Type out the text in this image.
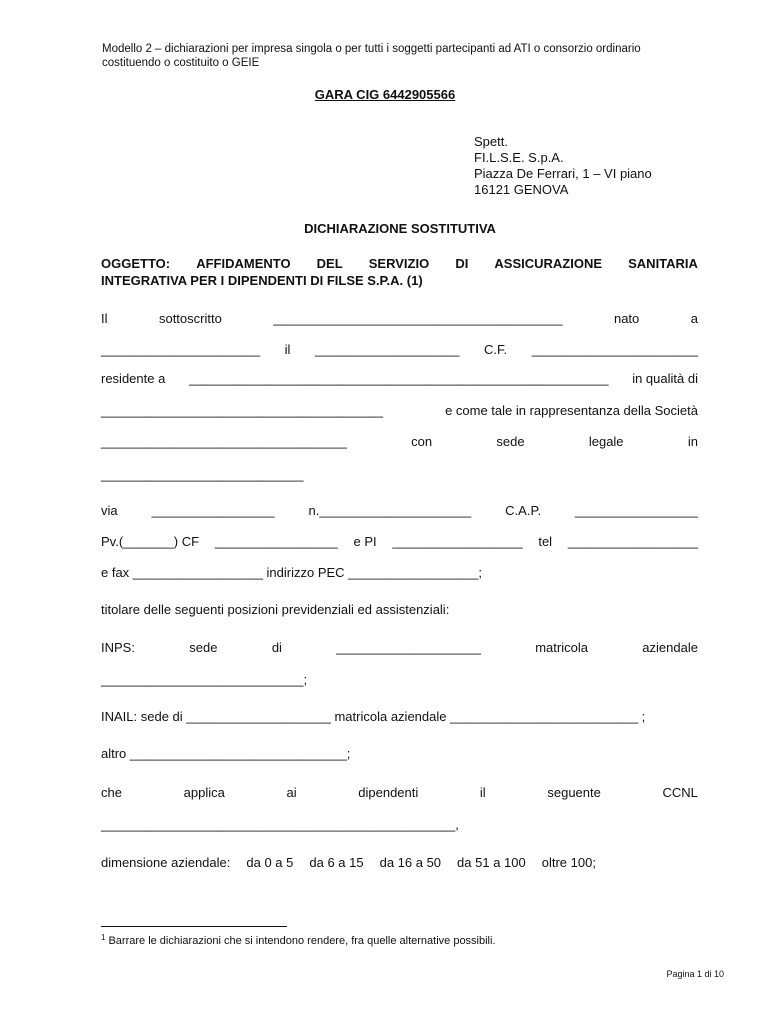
Modello 2 – dichiarazioni per impresa singola o per tutti i soggetti partecipanti ad ATI o consorzio ordinario costituendo o costituito o GEIE
GARA CIG 6442905566
Spett.
FI.L.S.E. S.p.A.
Piazza De Ferrari, 1 – VI piano
16121 GENOVA
DICHIARAZIONE SOSTITUTIVA
OGGETTO: AFFIDAMENTO DEL SERVIZIO DI ASSICURAZIONE SANITARIA
INTEGRATIVA PER I DIPENDENTI DI FILSE S.P.A. (1)
Il	sottoscritto	________________________________________	nato	a
______________________ il ____________________ C.F. _______________________
residente a __________________________________________________________ in qualità di
_______________________________________	e come tale in rappresentanza della Società
__________________________________	con	sede	legale	in
____________________________
via	_________________	n._____________________	C.A.P.	_________________
Pv.(_______) CF _________________ e PI __________________ tel __________________
e fax __________________ indirizzo PEC __________________;
titolare delle seguenti posizioni previdenziali ed assistenziali:
INPS:	sede	di	____________________	matricola	aziendale
____________________________;
INAIL: sede di ____________________ matricola aziendale __________________________ ;
altro ______________________________;
che	applica	ai	dipendenti	il	seguente	CCNL
_________________________________________________,
dimensione aziendale: da 0 a 5 da 6 a 15 da 16 a 50 da 51 a 100 oltre 100;
$^1$ Barrare le dichiarazioni che si intendono rendere, fra quelle alternative possibili.
Pagina 1 di 10
